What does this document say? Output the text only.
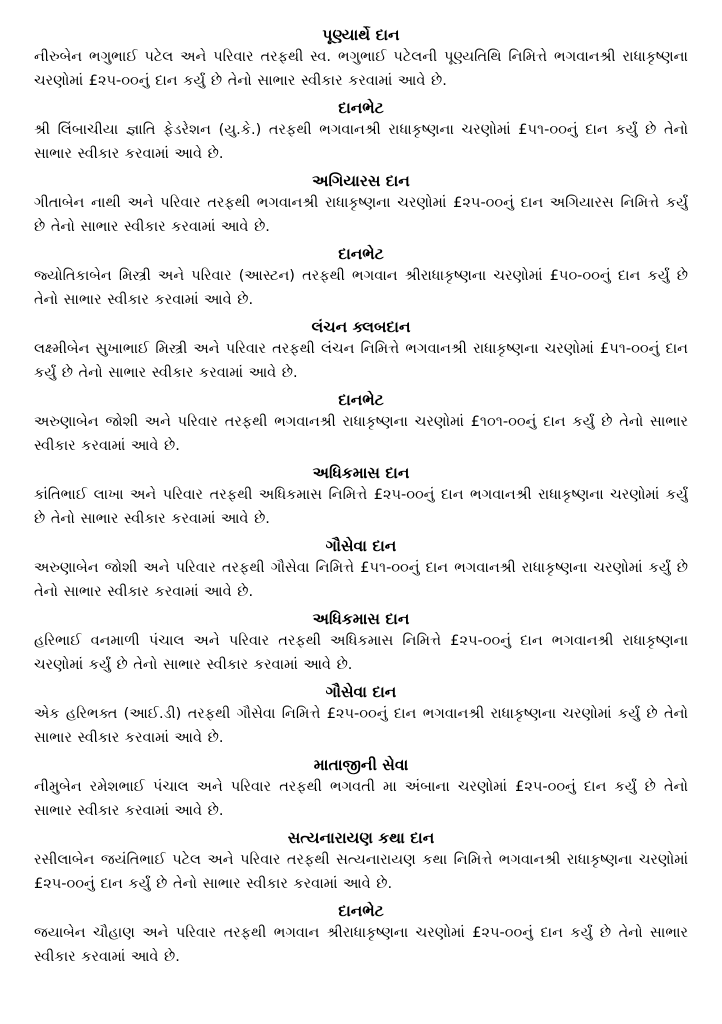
પૂણ્યાર્થે દાન
નીરુબેન ભગુભાઈ પટેલ અને પરિવાર તરફથી સ્વ. ભગુભાઈ પટેલની પૂણ્યતિથિ નિમિત્તે ભગવાનશ્રી રાધાકૃષ્ણના ચરણોમાં £૨૫-૦૦નું દાન કર્યું છે તેનો સાભાર સ્વીકાર કરવામાં આવે છે.
દાનભેટ
શ્રી લિંબાચીયા જ્ઞાતિ ફેડરેશન (યુ.કે.) તરફથી ભગવાનશ્રી રાધાકૃષ્ણના ચરણોમાં £૫૧-૦૦નું દાન કર્યું છે તેનો સાભાર સ્વીકાર કરવામાં આવે છે.
અગિયારસ દાન
ગીતાબેન નાથી અને પરિવાર તરફથી ભગવાનશ્રી રાધાકૃષ્ણના ચરણોમાં £૨૫-૦૦નું દાન અગિયારસ નિમિત્તે કર્યું છે તેનો સાભાર સ્વીકાર કરવામાં આવે છે.
દાનભેટ
જ્યોતિકાબેન મિસ્ત્રી અને પરિવાર (આસ્ટન) તરફથી ભગવાન શ્રીરાધાકૃષ્ણના ચરણોમાં £૫૦-૦૦નું દાન કર્યું છે તેનો સાભાર સ્વીકાર કરવામાં આવે છે.
લંચન ક્લબદાન
લક્ષ્મીબેન સુખાભાઈ મિસ્ત્રી અને પરિવાર તરફથી લંચન નિમિત્તે ભગવાનશ્રી રાધાકૃષ્ણના ચરણોમાં £૫૧-૦૦નું દાન કર્યું છે તેનો સાભાર સ્વીકાર કરવામાં આવે છે.
દાનભેટ
અરુણાબેન જોશી અને પરિવાર તરફથી ભગવાનશ્રી રાધાકૃષ્ણના ચરણોમાં £૧૦૧-૦૦નું દાન કર્યું છે તેનો સાભાર સ્વીકાર કરવામાં આવે છે.
અધિકમાસ દાન
કાંતિભાઈ લાખા અને પરિવાર તરફથી અધિકમાસ નિમિત્તે £૨૫-૦૦નું દાન ભગવાનશ્રી રાધાકૃષ્ણના ચરણોમાં કર્યું છે તેનો સાભાર સ્વીકાર કરવામાં આવે છે.
ગૌસેવા દાન
અરુણાબેન જોશી અને પરિવાર તરફથી ગૌસેવા નિમિત્તે £૫૧-૦૦નું દાન ભગવાનશ્રી રાધાકૃષ્ણના ચરણોમાં કર્યું છે તેનો સાભાર સ્વીકાર કરવામાં આવે છે.
અધિકમાસ દાન
હરિભાઈ વનમાળી પંચાલ અને પરિવાર તરફથી અધિકમાસ નિમિત્તે £૨૫-૦૦નું દાન ભગવાનશ્રી રાધાકૃષ્ણના ચરણોમાં કર્યું છે તેનો સાભાર સ્વીકાર કરવામાં આવે છે.
ગૌસેવા દાન
એક હરિભક્ત (આઈ.ડી) તરફથી ગૌસેવા નિમિત્તે £૨૫-૦૦નું દાન ભગવાનશ્રી રાધાકૃષ્ણના ચરણોમાં કર્યું છે તેનો સાભાર સ્વીકાર કરવામાં આવે છે.
માતાજીની સેવા
નીમુબેન રમેશભાઈ પંચાલ અને પરિવાર તરફથી ભગવતી મા અંબાના ચરણોમાં £૨૫-૦૦નું દાન કર્યું છે તેનો સાભાર સ્વીકાર કરવામાં આવે છે.
સત્યનારાયણ કથા દાન
રસીલાબેન જયંતિભાઈ પટેલ અને પરિવાર તરફથી સત્યનારાયણ કથા નિમિત્તે ભગવાનશ્રી રાધાકૃષ્ણના ચરણોમાં £૨૫-૦૦નું દાન કર્યું છે તેનો સાભાર સ્વીકાર કરવામાં આવે છે.
દાનભેટ
જયાબેન ચૌહાણ અને પરિવાર તરફથી ભગવાન શ્રીરાધાકૃષ્ણના ચરણોમાં £૨૫-૦૦નું દાન કર્યું છે તેનો સાભાર સ્વીકાર કરવામાં આવે છે.
